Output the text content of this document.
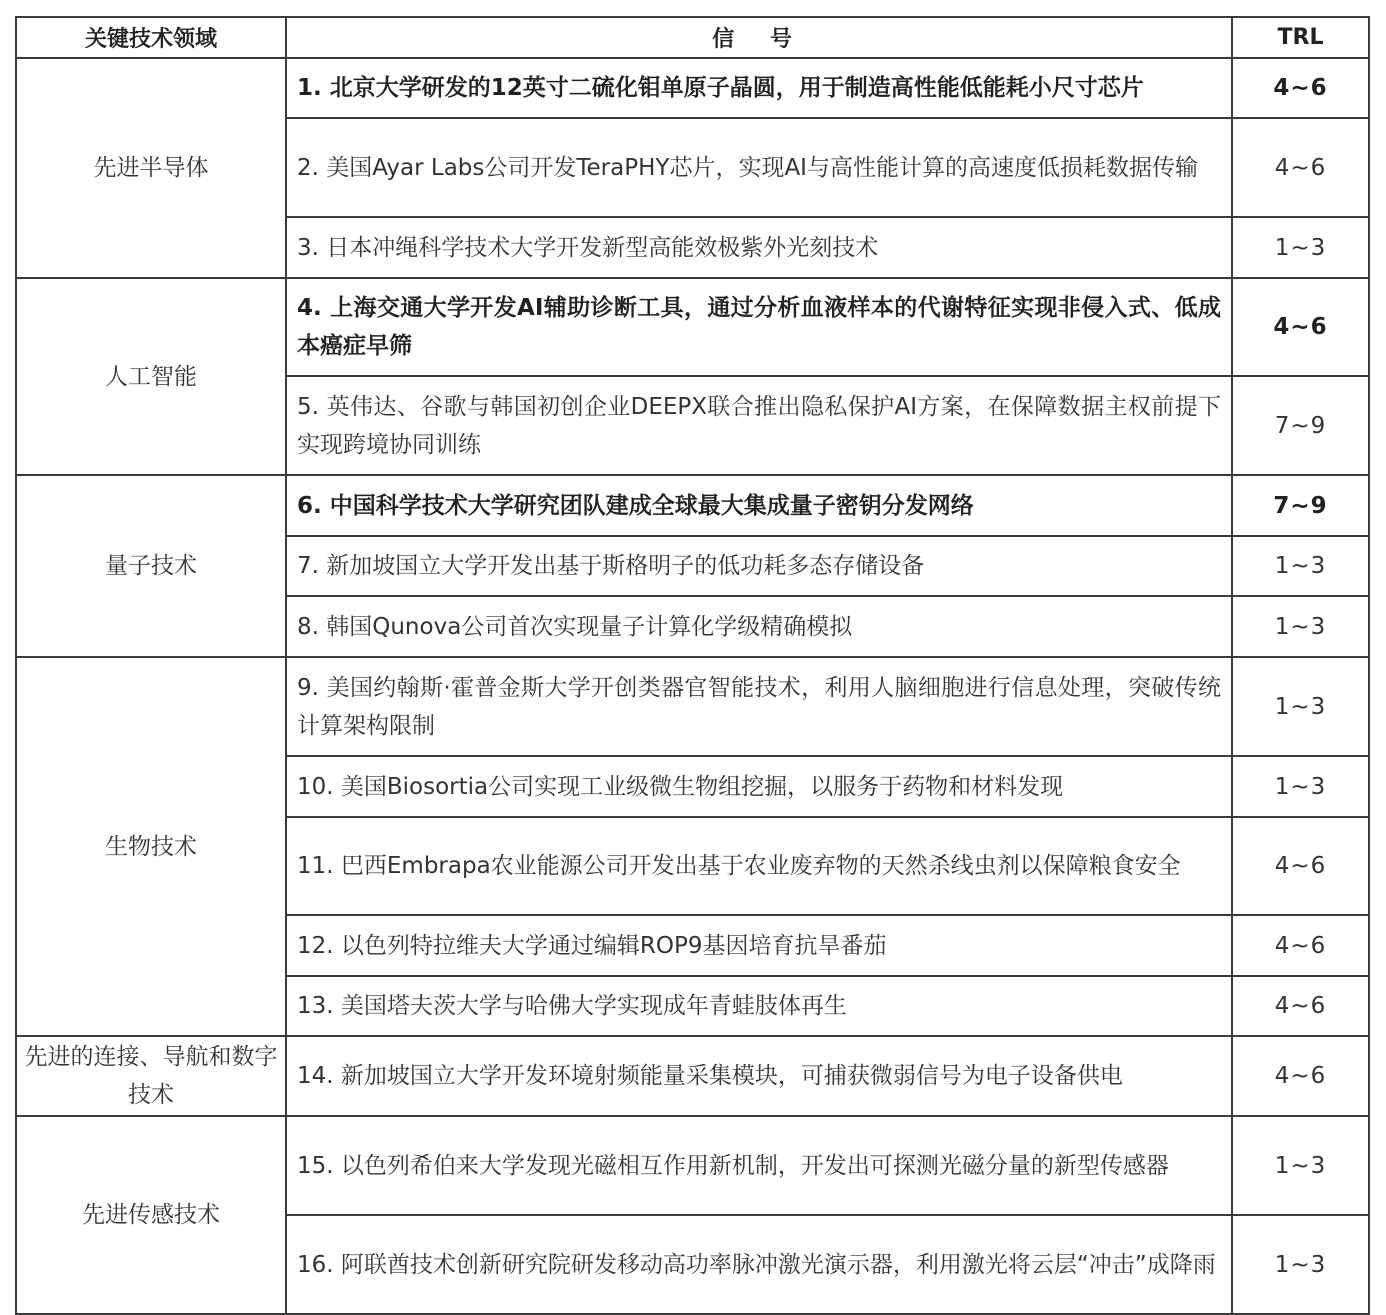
关键技术领域	信 号	TRL
先进半导体	1. 北京大学研发的12英寸二硫化钼单原子晶圆，用于制造高性能低能耗小尺寸芯片	4~6
	2. 美国Ayar Labs公司开发TeraPHY芯片，实现AI与高性能计算的高速度低损耗数据传输	4~6
	3. 日本冲绳科学技术大学开发新型高能效极紫外光刻技术	1~3
人工智能	4. 上海交通大学开发AI辅助诊断工具，通过分析血液样本的代谢特征实现非侵入式、低成本癌症早筛	4~6
	5. 英伟达、谷歌与韩国初创企业DEEPX联合推出隐私保护AI方案，在保障数据主权前提下实现跨境协同训练	7~9
量子技术	6. 中国科学技术大学研究团队建成全球最大集成量子密钥分发网络	7~9
	7. 新加坡国立大学开发出基于斯格明子的低功耗多态存储设备	1~3
	8. 韩国Qunova公司首次实现量子计算化学级精确模拟	1~3
生物技术	9. 美国约翰斯·霍普金斯大学开创类器官智能技术，利用人脑细胞进行信息处理，突破传统计算架构限制	1~3
	10. 美国Biosortia公司实现工业级微生物组挖掘，以服务于药物和材料发现	1~3
	11. 巴西Embrapa农业能源公司开发出基于农业废弃物的天然杀线虫剂以保障粮食安全	4~6
	12. 以色列特拉维夫大学通过编辑ROP9基因培育抗旱番茄	4~6
	13. 美国塔夫茨大学与哈佛大学实现成年青蛙肢体再生	4~6
先进的连接、导航和数字技术	14. 新加坡国立大学开发环境射频能量采集模块，可捕获微弱信号为电子设备供电	4~6
先进传感技术	15. 以色列希伯来大学发现光磁相互作用新机制，开发出可探测光磁分量的新型传感器	1~3
	16. 阿联酋技术创新研究院研发移动高功率脉冲激光演示器，利用激光将云层“冲击”成降雨	1~3
